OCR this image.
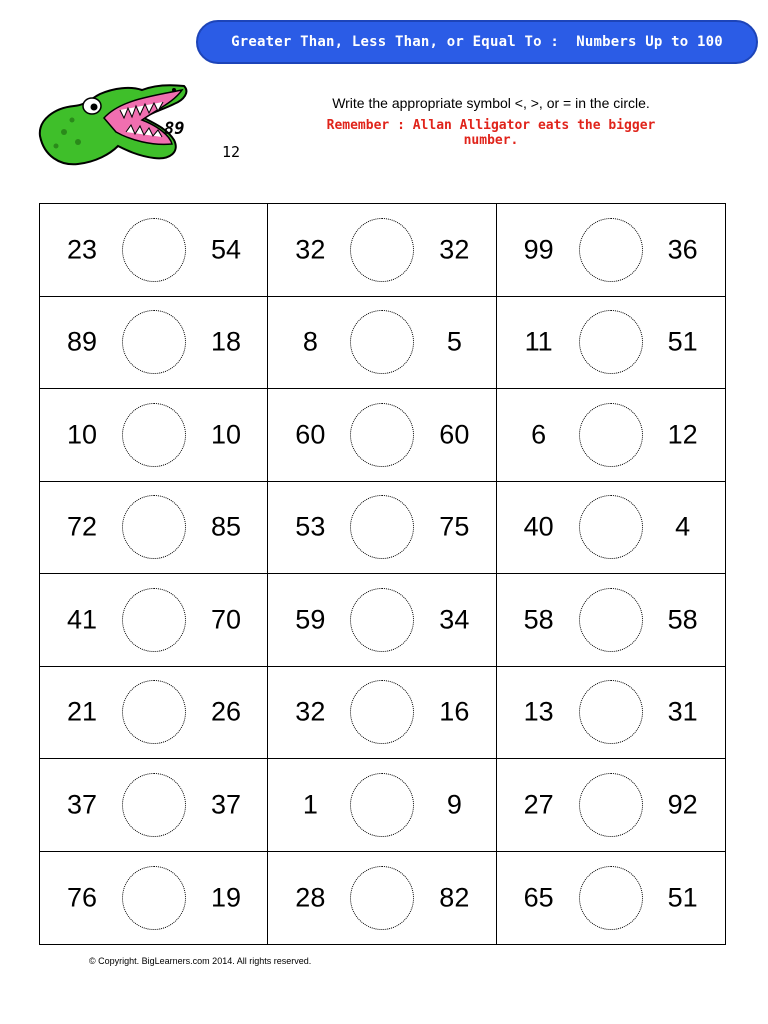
Greater Than, Less Than, or Equal To :  Numbers Up to 100
89
12
Write the appropriate symbol <, >, or = in the circle.
Remember : Allan Alligator eats the bigger number.
23	54 32	32 99	36
89	18 8	5 11	51
10	10 60	60 6	12
72	85 53	75 40	4
41	70 59	34 58	58
21	26 32	16 13	31
37	37 1	9 27	92
76	19 28	82 65	51
© Copyright. BigLearners.com 2014. All rights reserved.
